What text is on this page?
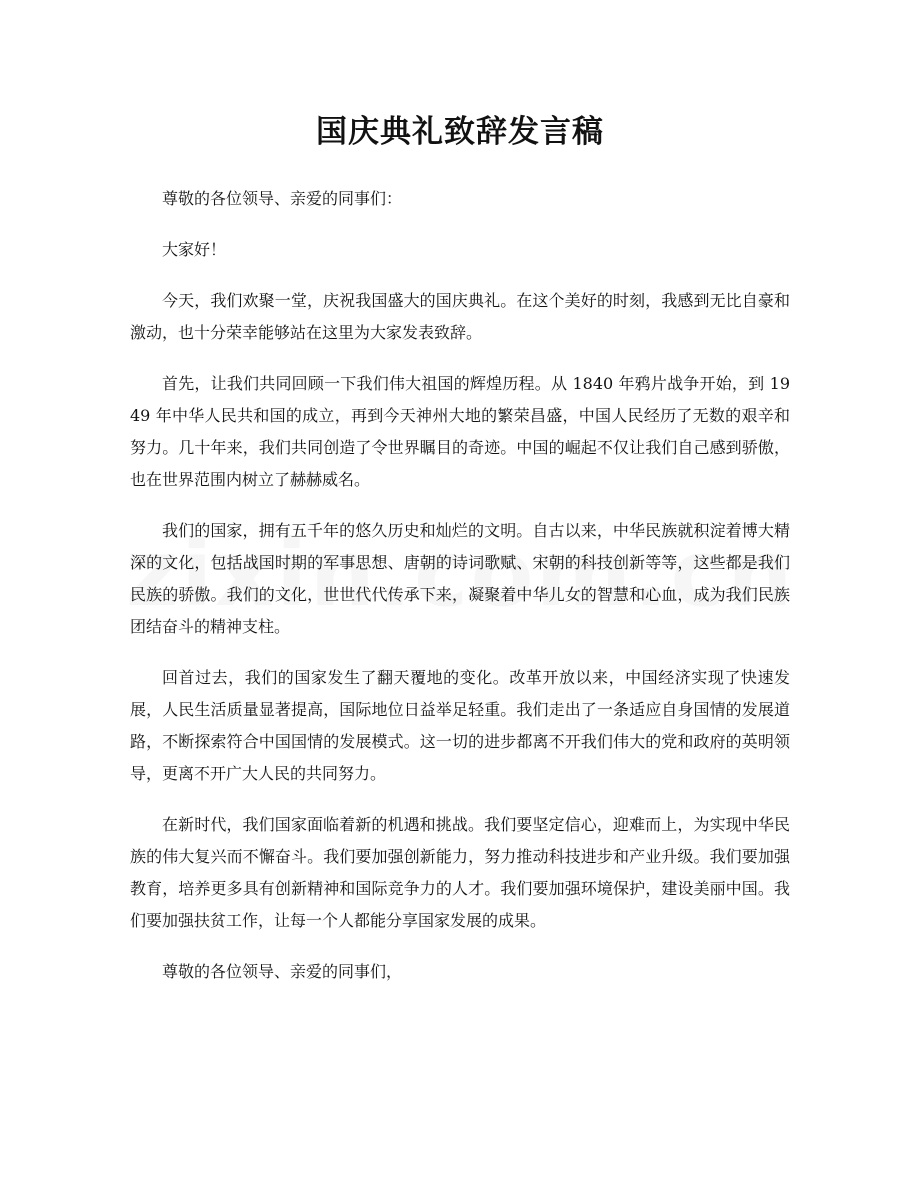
国庆典礼致辞发言稿

尊敬的各位领导、亲爱的同事们：

大家好！

今天，我们欢聚一堂，庆祝我国盛大的国庆典礼。在这个美好的时刻，我感到无比自豪和激动，也十分荣幸能够站在这里为大家发表致辞。

首先，让我们共同回顾一下我们伟大祖国的辉煌历程。从 1840 年鸦片战争开始，到 1949 年中华人民共和国的成立，再到今天神州大地的繁荣昌盛，中国人民经历了无数的艰辛和努力。几十年来，我们共同创造了令世界瞩目的奇迹。中国的崛起不仅让我们自己感到骄傲，也在世界范围内树立了赫赫威名。

我们的国家，拥有五千年的悠久历史和灿烂的文明。自古以来，中华民族就积淀着博大精深的文化，包括战国时期的军事思想、唐朝的诗词歌赋、宋朝的科技创新等等，这些都是我们民族的骄傲。我们的文化，世世代代传承下来，凝聚着中华儿女的智慧和心血，成为我们民族团结奋斗的精神支柱。

回首过去，我们的国家发生了翻天覆地的变化。改革开放以来，中国经济实现了快速发展，人民生活质量显著提高，国际地位日益举足轻重。我们走出了一条适应自身国情的发展道路，不断探索符合中国国情的发展模式。这一切的进步都离不开我们伟大的党和政府的英明领导，更离不开广大人民的共同努力。

在新时代，我们国家面临着新的机遇和挑战。我们要坚定信心，迎难而上，为实现中华民族的伟大复兴而不懈奋斗。我们要加强创新能力，努力推动科技进步和产业升级。我们要加强教育，培养更多具有创新精神和国际竞争力的人才。我们要加强环境保护，建设美丽中国。我们要加强扶贫工作，让每一个人都能分享国家发展的成果。

尊敬的各位领导、亲爱的同事们，
